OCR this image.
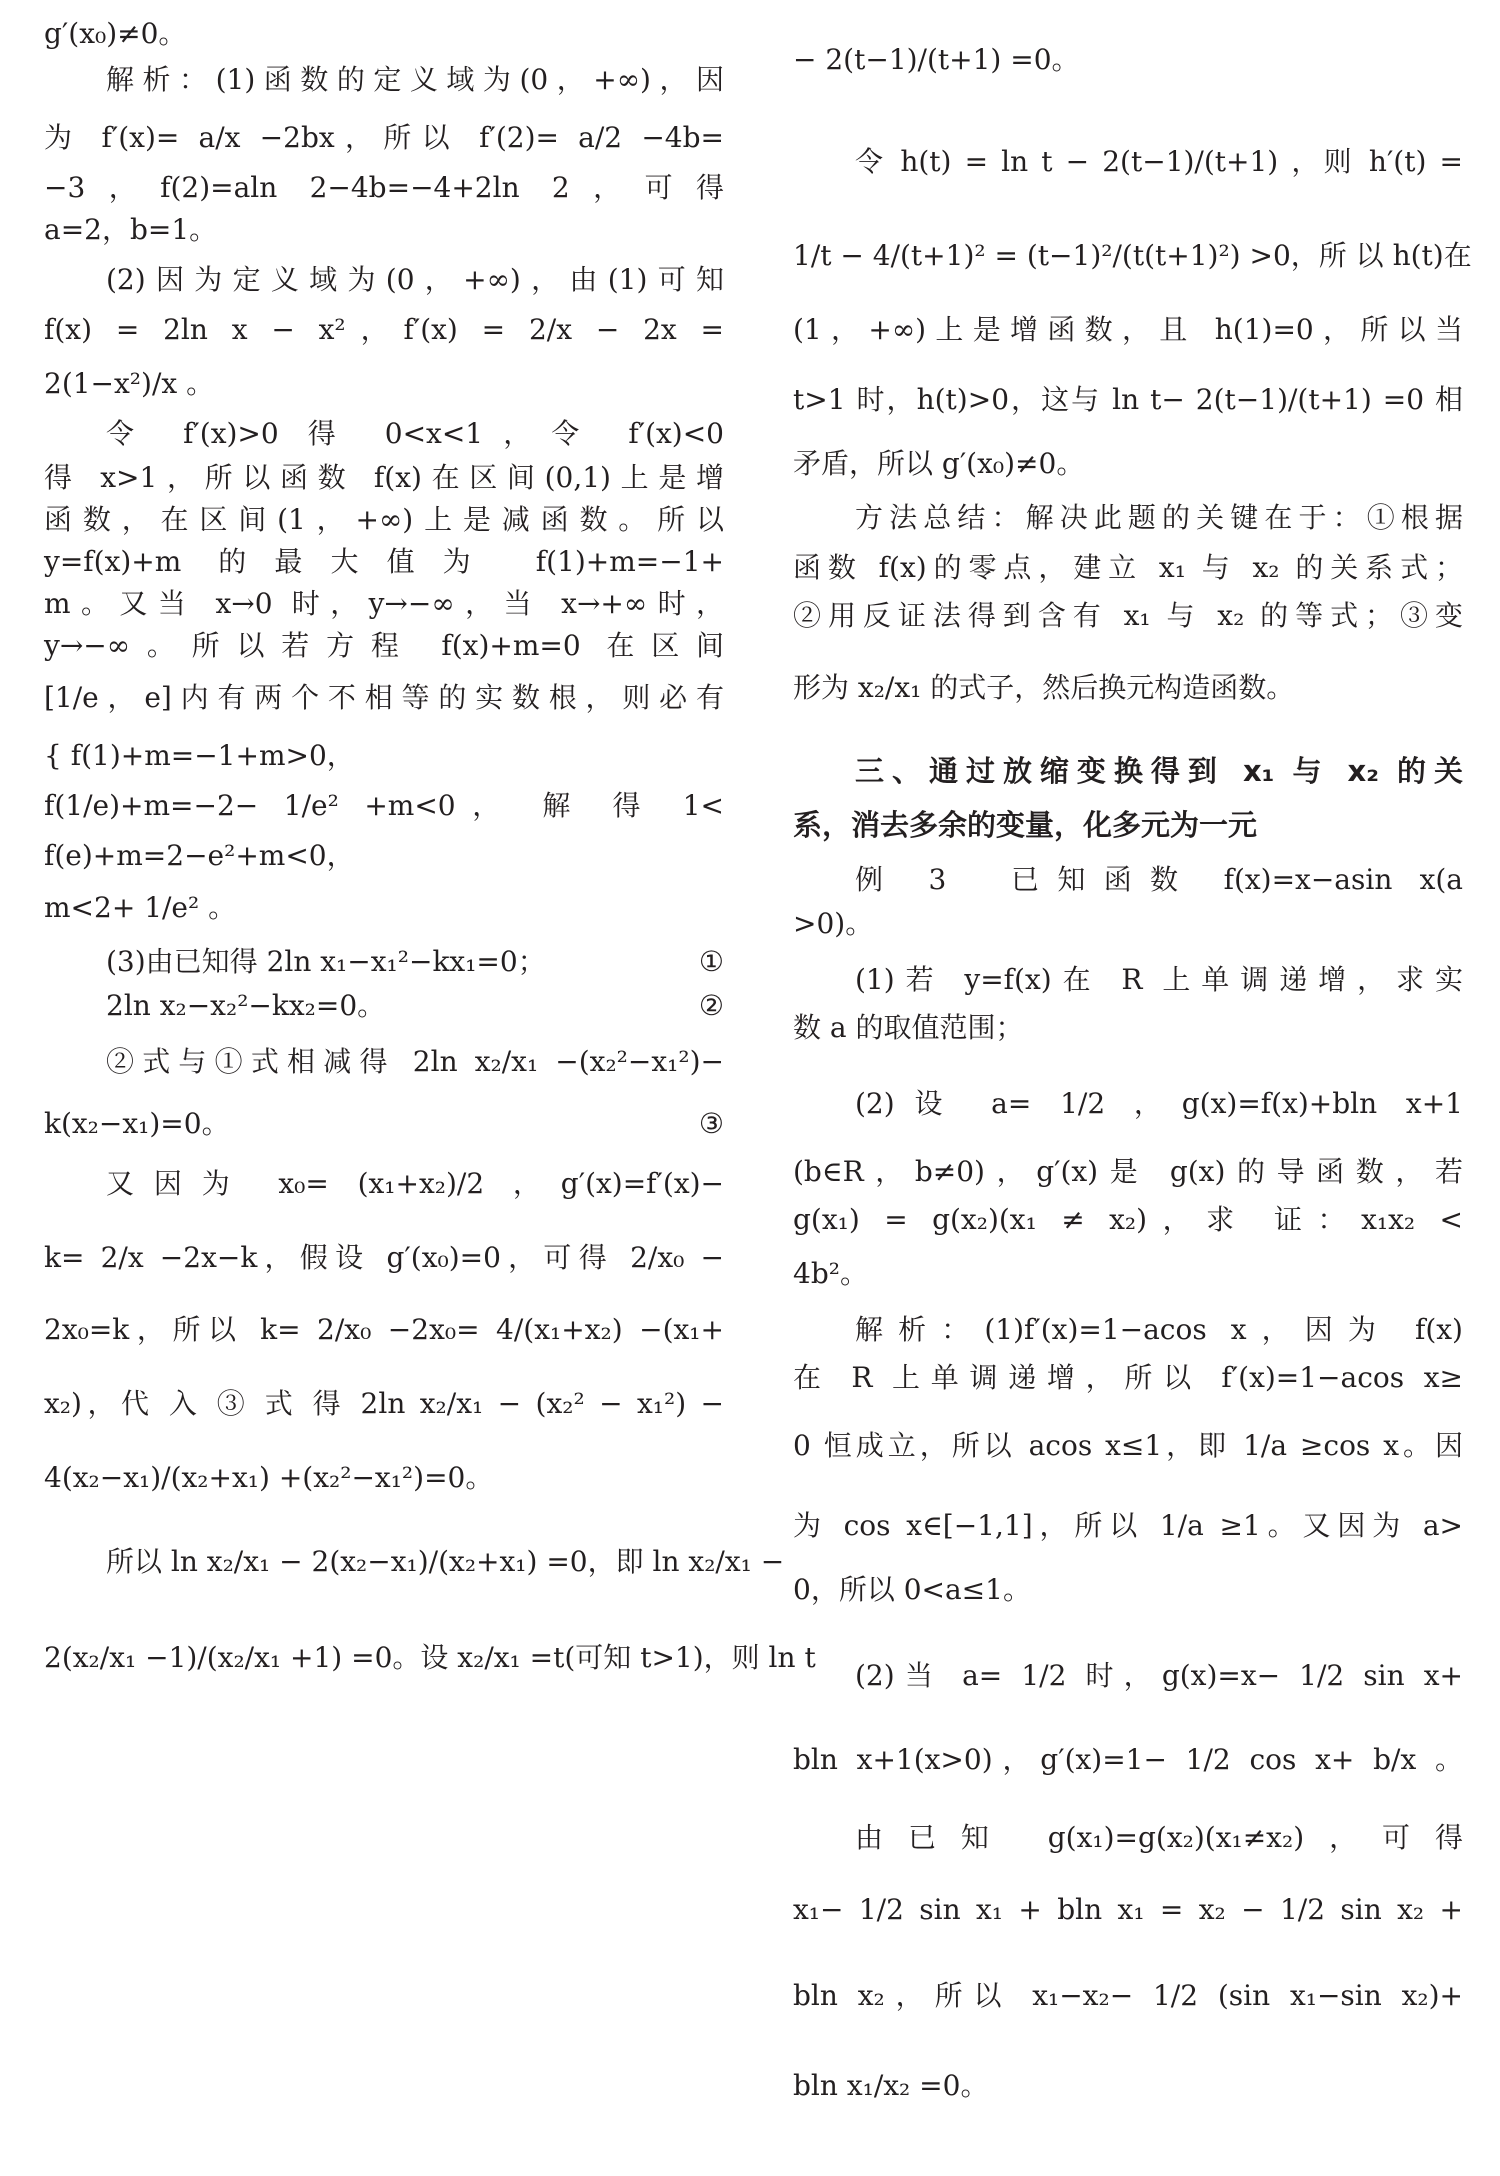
g′(x₀)≠0。
解析：(1)函数的定义域为(0，+∞)，因
为 f′(x)= a/x −2bx，所以 f′(2)= a/2 −4b=
−3，f(2)=aln 2−4b=−4+2ln 2，可得
a=2，b=1。
(2)因为定义域为(0，+∞)，由(1)可知
f(x) = 2ln x − x²，f′(x) = 2/x − 2x =
2(1−x²)/x 。
令 f′(x)>0 得 0<x<1，令 f′(x)<0
得 x>1，所以函数 f(x)在区间(0,1)上是增
函数，在区间(1，+∞)上是减函数。所以
y=f(x)+m 的最大值为 f(1)+m=−1+
m。又当 x→0 时，y→−∞，当 x→+∞时，
y→−∞。所以若方程 f(x)+m=0 在区间
[1/e，e]内有两个不相等的实数根，则必有
{ f(1)+m=−1+m>0，
f(1/e)+m=−2− 1/e² +m<0， 解 得 1<
f(e)+m=2−e²+m<0，
m<2+ 1/e² 。
(3)由已知得 2ln x₁−x₁²−kx₁=0；	①
2ln x₂−x₂²−kx₂=0。	②
②式与①式相减得 2ln x₂/x₁ −(x₂²−x₁²)−
k(x₂−x₁)=0。	③
又因为 x₀= (x₁+x₂)/2 ，g′(x)=f′(x)−
k= 2/x −2x−k，假设 g′(x₀)=0，可得 2/x₀ −
2x₀=k，所以 k= 2/x₀ −2x₀= 4/(x₁+x₂) −(x₁+
x₂)，代 入 ③ 式 得 2ln x₂/x₁ − (x₂² − x₁²) −
4(x₂−x₁)/(x₂+x₁) +(x₂²−x₁²)=0。
所以 ln x₂/x₁ − 2(x₂−x₁)/(x₂+x₁) =0，即 ln x₂/x₁ −
2(x₂/x₁ −1)/(x₂/x₁ +1) =0。设 x₂/x₁ =t(可知 t>1)，则 ln t
− 2(t−1)/(t+1) =0。
令 h(t) = ln t − 2(t−1)/(t+1) ，则 h′(t) =
1/t − 4/(t+1)² = (t−1)²/(t(t+1)²) >0，所 以 h(t)在
(1，+∞)上是增函数，且 h(1)=0，所以当
t>1 时，h(t)>0，这与 ln t− 2(t−1)/(t+1) =0 相
矛盾，所以 g′(x₀)≠0。
方法总结：解决此题的关键在于：①根据
函数 f(x)的零点，建立 x₁ 与 x₂ 的关系式；
②用反证法得到含有 x₁ 与 x₂ 的等式；③变
形为 x₂/x₁ 的式子，然后换元构造函数。
三、通过放缩变换得到 x₁ 与 x₂ 的关
系，消去多余的变量，化多元为一元
例 3　已知函数 f(x)=x−asin x(a
>0)。
(1)若 y=f(x)在 R 上单调递增，求实
数 a 的取值范围；
(2)设 a= 1/2 ，g(x)=f(x)+bln x+1
(b∈R，b≠0)，g′(x)是 g(x)的导函数，若
g(x₁) = g(x₂)(x₁ ≠ x₂)，求 证：x₁x₂ <
4b²。
解析：(1)f′(x)=1−acos x，因为 f(x)
在 R 上单调递增，所以 f′(x)=1−acos x≥
0 恒成立，所以 acos x≤1，即 1/a ≥cos x。因
为 cos x∈[−1,1]，所以 1/a ≥1。又因为 a>
0，所以 0<a≤1。
(2)当 a= 1/2 时，g(x)=x− 1/2 sin x+
bln x+1(x>0)，g′(x)=1− 1/2 cos x+ b/x 。
由已知 g(x₁)=g(x₂)(x₁≠x₂)，可得
x₁− 1/2 sin x₁ + bln x₁ = x₂ − 1/2 sin x₂ +
bln x₂，所以 x₁−x₂− 1/2 (sin x₁−sin x₂)+
bln x₁/x₂ =0。
